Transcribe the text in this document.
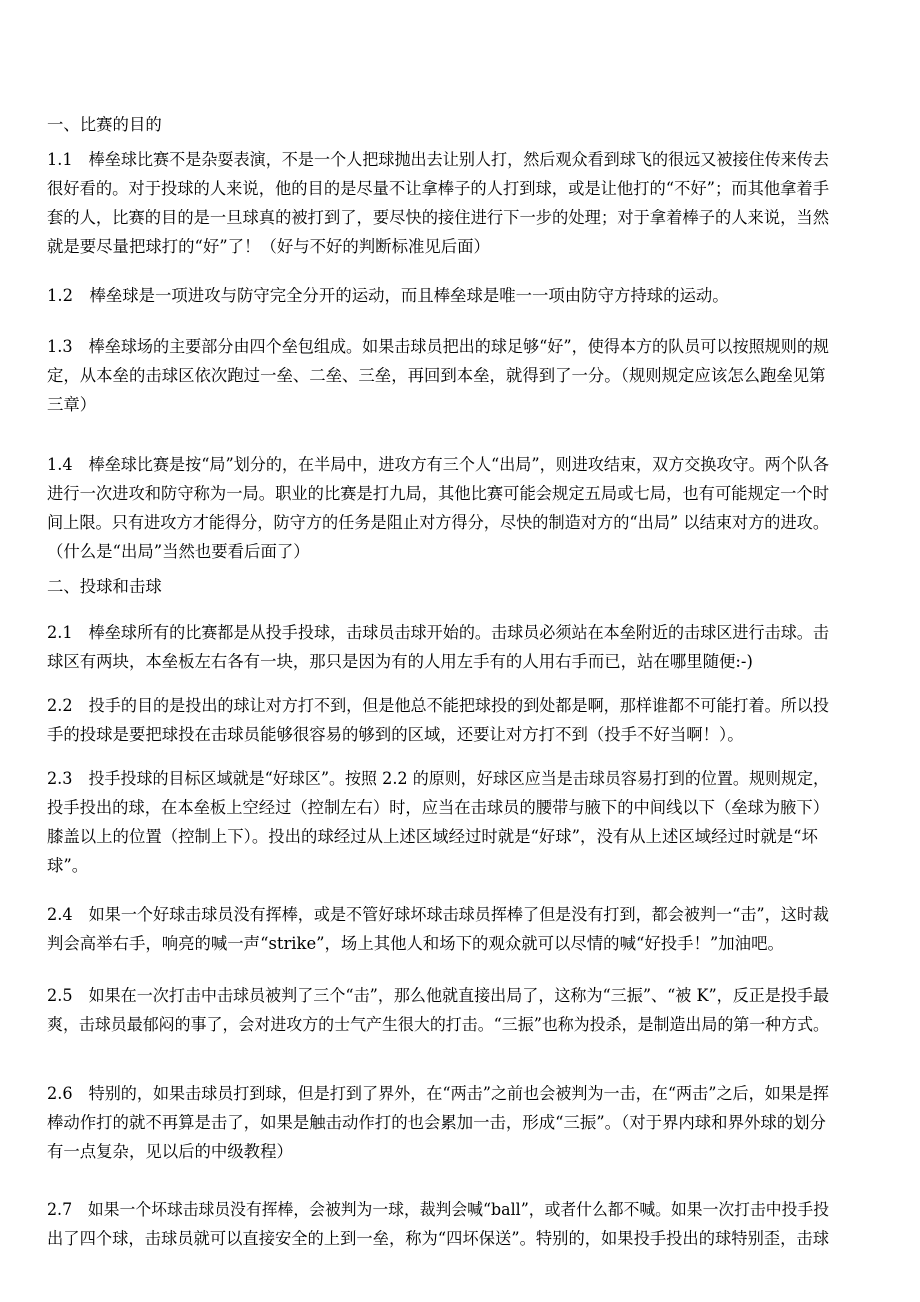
一、比赛的目的
1.1　棒垒球比赛不是杂耍表演，不是一个人把球抛出去让别人打，然后观众看到球飞的很远又被接住传来传去
很好看的。对于投球的人来说，他的目的是尽量不让拿棒子的人打到球，或是让他打的“不好”；而其他拿着手
套的人，比赛的目的是一旦球真的被打到了，要尽快的接住进行下一步的处理；对于拿着棒子的人来说，当然
就是要尽量把球打的“好”了！（好与不好的判断标准见后面）
1.2　棒垒球是一项进攻与防守完全分开的运动，而且棒垒球是唯一一项由防守方持球的运动。
1.3　棒垒球场的主要部分由四个垒包组成。如果击球员把出的球足够“好”，使得本方的队员可以按照规则的规
定，从本垒的击球区依次跑过一垒、二垒、三垒，再回到本垒，就得到了一分。（规则规定应该怎么跑垒见第
三章）
1.4　棒垒球比赛是按“局”划分的，在半局中，进攻方有三个人“出局”，则进攻结束，双方交换攻守。两个队各
进行一次进攻和防守称为一局。职业的比赛是打九局，其他比赛可能会规定五局或七局，也有可能规定一个时
间上限。只有进攻方才能得分，防守方的任务是阻止对方得分，尽快的制造对方的“出局” 以结束对方的进攻。
（什么是“出局”当然也要看后面了）
二、投球和击球
2.1　棒垒球所有的比赛都是从投手投球，击球员击球开始的。击球员必须站在本垒附近的击球区进行击球。击
球区有两块，本垒板左右各有一块，那只是因为有的人用左手有的人用右手而已，站在哪里随便:-)
2.2　投手的目的是投出的球让对方打不到，但是他总不能把球投的到处都是啊，那样谁都不可能打着。所以投
手的投球是要把球投在击球员能够很容易的够到的区域，还要让对方打不到（投手不好当啊！）。
2.3　投手投球的目标区域就是“好球区”。按照 2.2 的原则，好球区应当是击球员容易打到的位置。规则规定，
投手投出的球，在本垒板上空经过（控制左右）时，应当在击球员的腰带与腋下的中间线以下（垒球为腋下）
膝盖以上的位置（控制上下）。投出的球经过从上述区域经过时就是“好球”，没有从上述区域经过时就是“坏
球”。
2.4　如果一个好球击球员没有挥棒，或是不管好球坏球击球员挥棒了但是没有打到，都会被判一“击”，这时裁
判会高举右手，响亮的喊一声“strike”，场上其他人和场下的观众就可以尽情的喊“好投手！”加油吧。
2.5　如果在一次打击中击球员被判了三个“击”，那么他就直接出局了，这称为“三振”、“被 K”，反正是投手最
爽，击球员最郁闷的事了，会对进攻方的士气产生很大的打击。“三振”也称为投杀，是制造出局的第一种方式。
2.6　特别的，如果击球员打到球，但是打到了界外，在“两击”之前也会被判为一击，在“两击”之后，如果是挥
棒动作打的就不再算是击了，如果是触击动作打的也会累加一击，形成“三振”。（对于界内球和界外球的划分
有一点复杂，见以后的中级教程）
2.7　如果一个坏球击球员没有挥棒，会被判为一球，裁判会喊“ball”，或者什么都不喊。如果一次打击中投手投
出了四个球，击球员就可以直接安全的上到一垒，称为“四坏保送”。特别的，如果投手投出的球特别歪，击球
